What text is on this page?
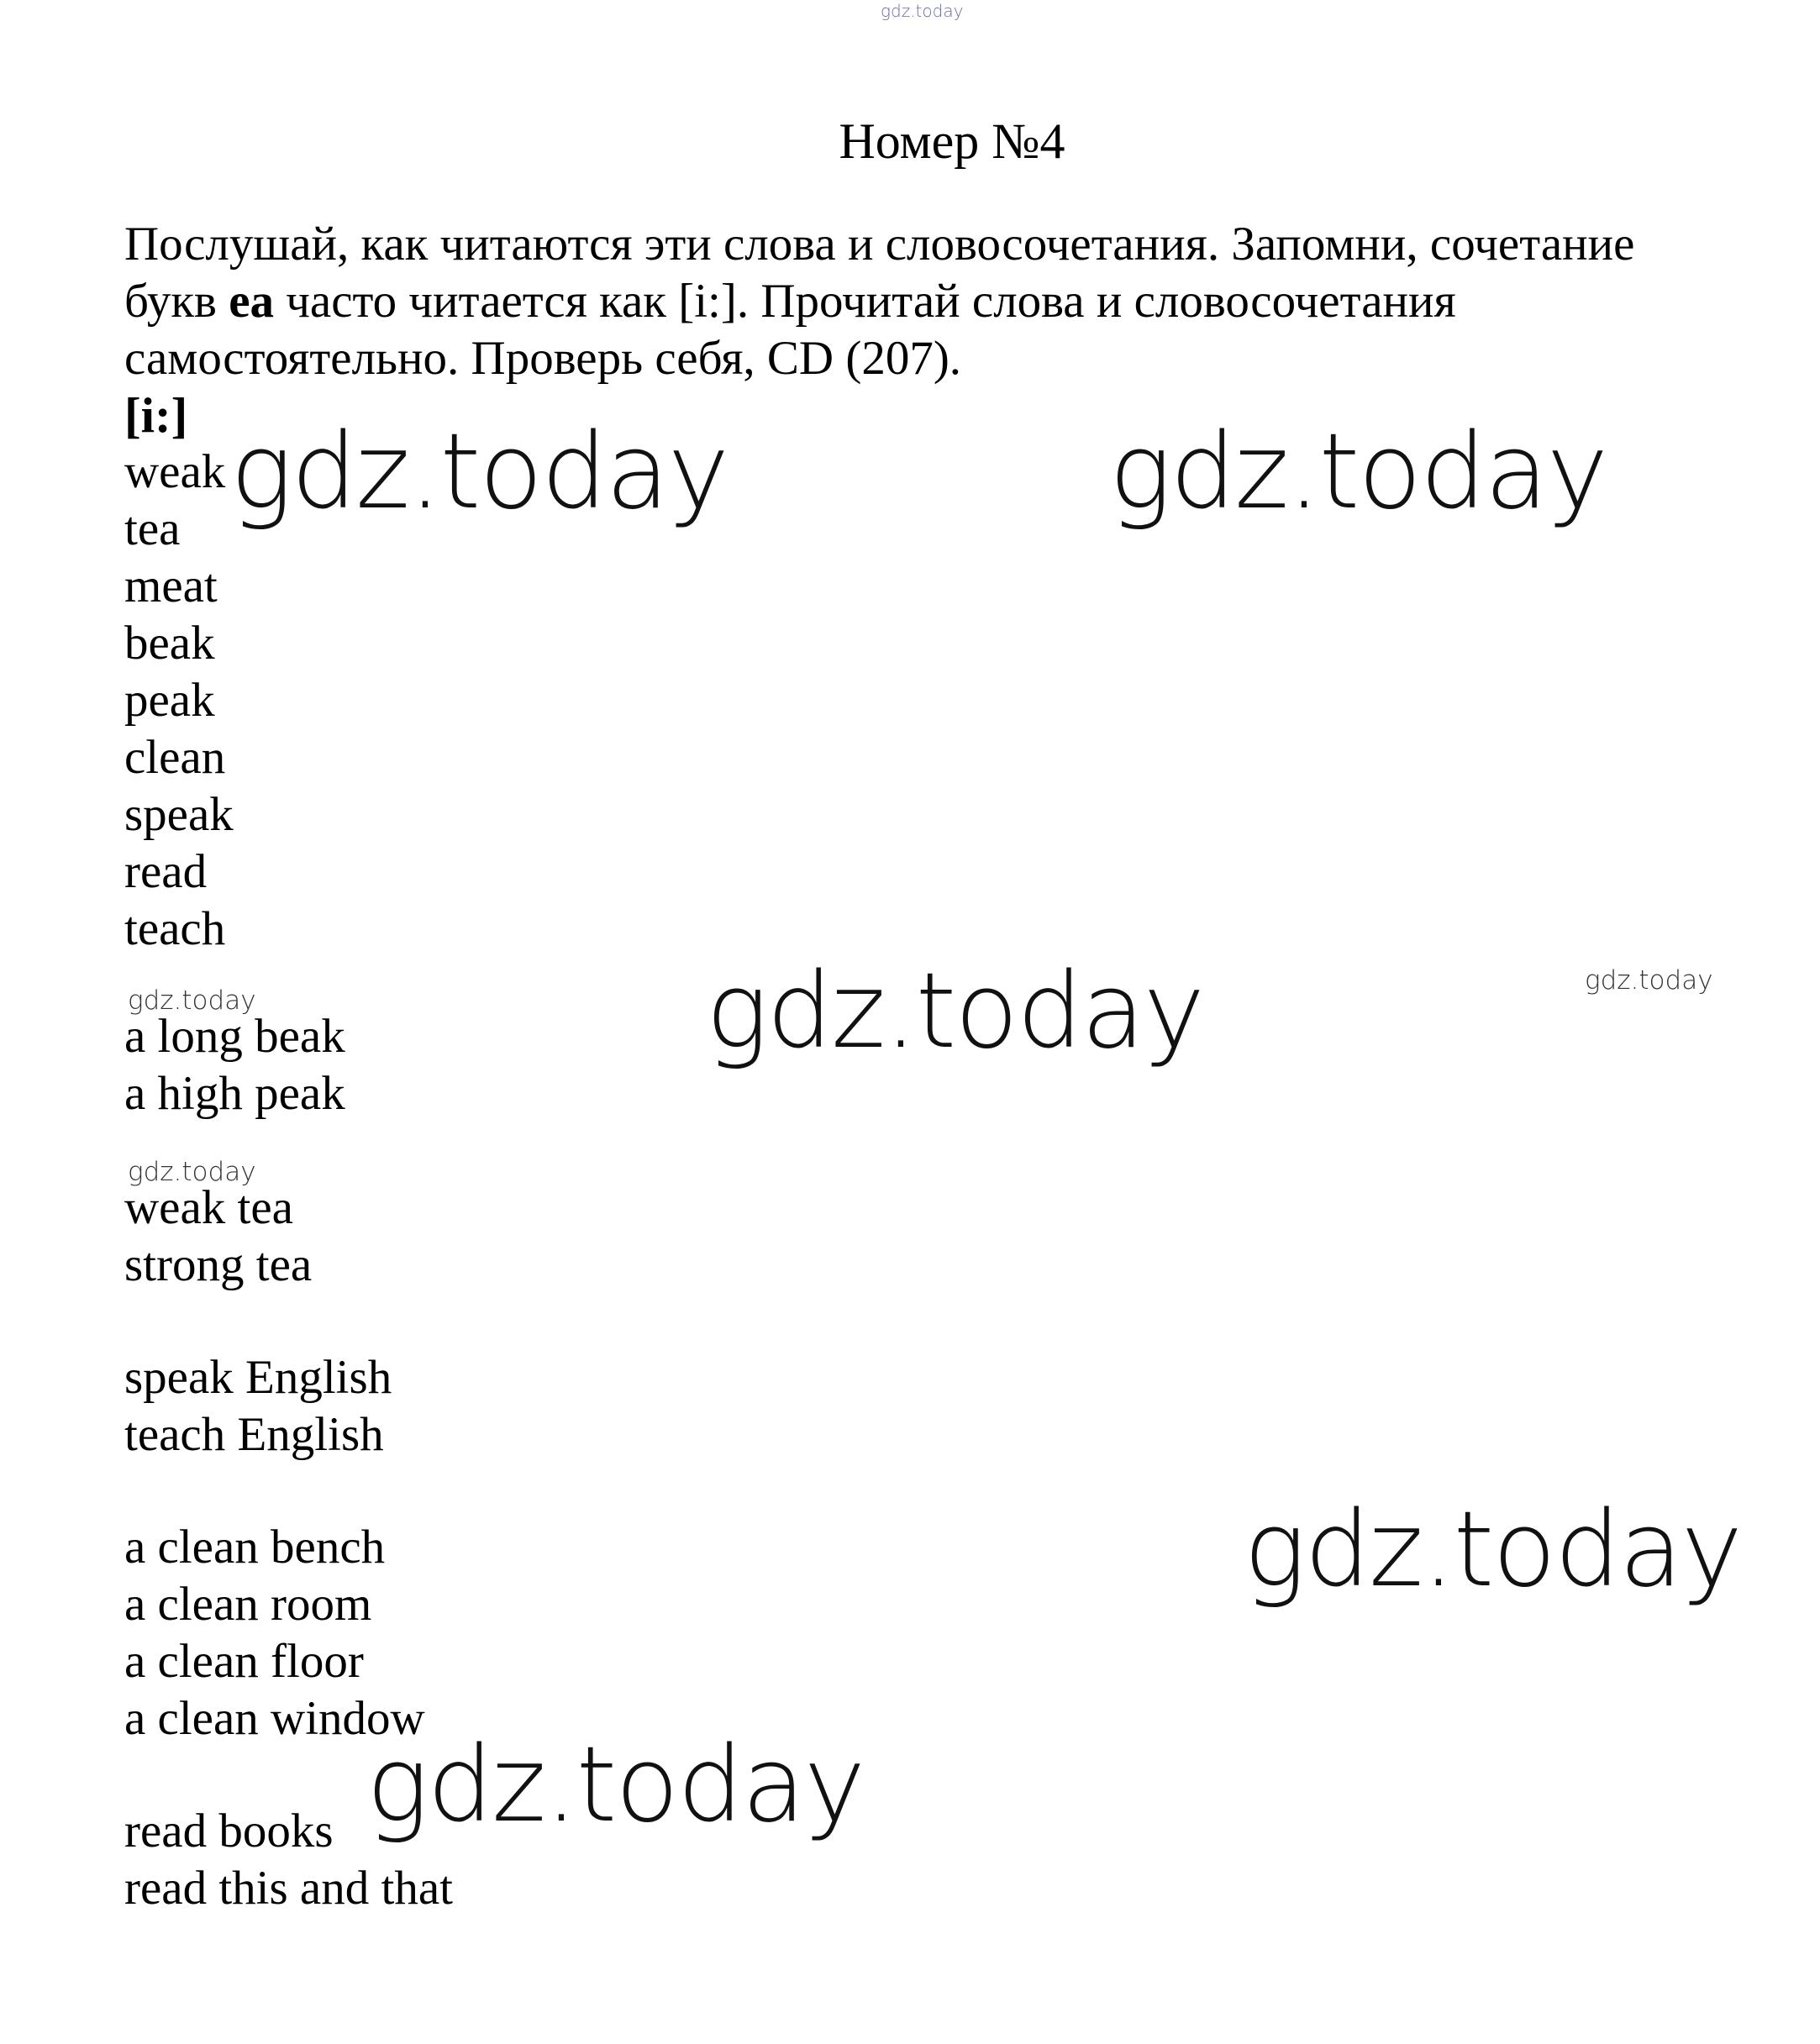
gdz.today
Номер №4

Послушай, как читаются эти слова и словосочетания. Запомни, сочетание

букв ea часто читается как [i:]. Прочитай слова и словосочетания

самостоятельно. Проверь себя, CD (207).

[i:]
weak
tea
meat
beak
peak
clean
speak
read
teach
a long beak
a high peak
weak tea
strong tea
speak English
teach English
a clean bench
a clean room
a clean floor
a clean window
read books
read this and that
gdz.today	gdz.today
gdz.today
gdz.today
gdz.today
gdz.today
gdz.today
gdz.today
